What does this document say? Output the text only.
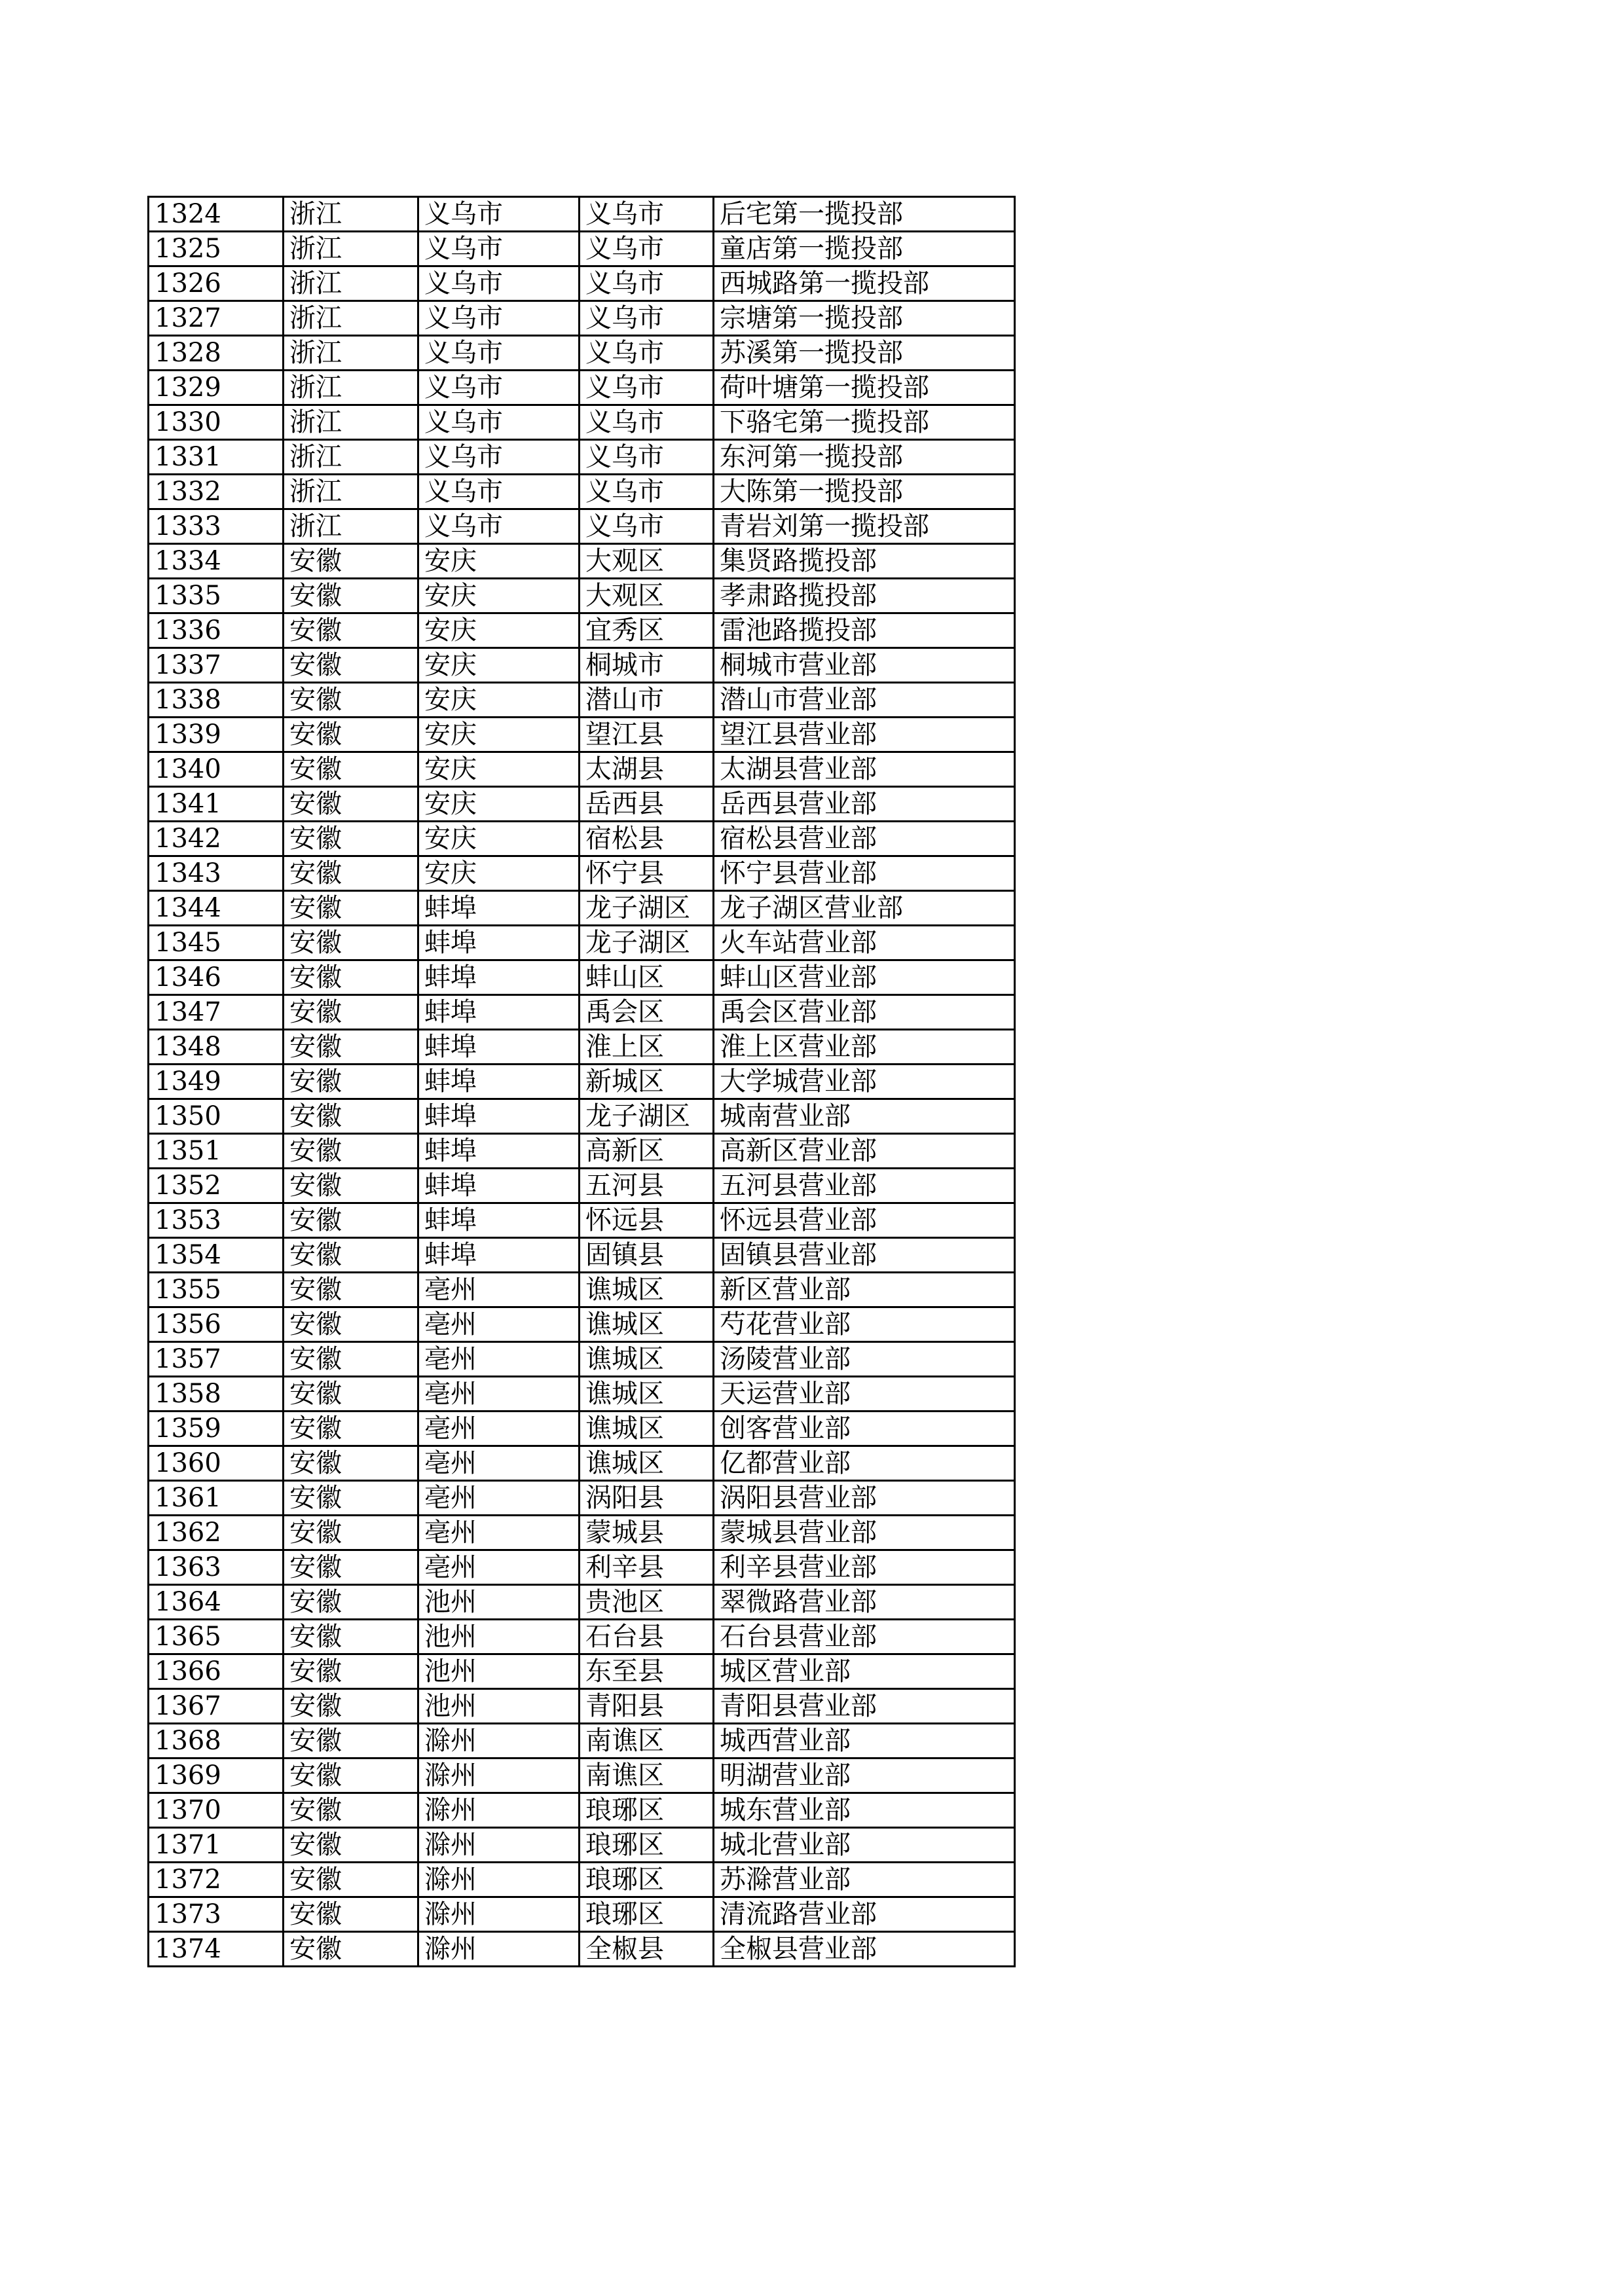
1324	浙江	义乌市	义乌市	后宅第一揽投部
1325	浙江	义乌市	义乌市	童店第一揽投部
1326	浙江	义乌市	义乌市	西城路第一揽投部
1327	浙江	义乌市	义乌市	宗塘第一揽投部
1328	浙江	义乌市	义乌市	苏溪第一揽投部
1329	浙江	义乌市	义乌市	荷叶塘第一揽投部
1330	浙江	义乌市	义乌市	下骆宅第一揽投部
1331	浙江	义乌市	义乌市	东河第一揽投部
1332	浙江	义乌市	义乌市	大陈第一揽投部
1333	浙江	义乌市	义乌市	青岩刘第一揽投部
1334	安徽	安庆	大观区	集贤路揽投部
1335	安徽	安庆	大观区	孝肃路揽投部
1336	安徽	安庆	宜秀区	雷池路揽投部
1337	安徽	安庆	桐城市	桐城市营业部
1338	安徽	安庆	潜山市	潜山市营业部
1339	安徽	安庆	望江县	望江县营业部
1340	安徽	安庆	太湖县	太湖县营业部
1341	安徽	安庆	岳西县	岳西县营业部
1342	安徽	安庆	宿松县	宿松县营业部
1343	安徽	安庆	怀宁县	怀宁县营业部
1344	安徽	蚌埠	龙子湖区	龙子湖区营业部
1345	安徽	蚌埠	龙子湖区	火车站营业部
1346	安徽	蚌埠	蚌山区	蚌山区营业部
1347	安徽	蚌埠	禹会区	禹会区营业部
1348	安徽	蚌埠	淮上区	淮上区营业部
1349	安徽	蚌埠	新城区	大学城营业部
1350	安徽	蚌埠	龙子湖区	城南营业部
1351	安徽	蚌埠	高新区	高新区营业部
1352	安徽	蚌埠	五河县	五河县营业部
1353	安徽	蚌埠	怀远县	怀远县营业部
1354	安徽	蚌埠	固镇县	固镇县营业部
1355	安徽	亳州	谯城区	新区营业部
1356	安徽	亳州	谯城区	芍花营业部
1357	安徽	亳州	谯城区	汤陵营业部
1358	安徽	亳州	谯城区	天运营业部
1359	安徽	亳州	谯城区	创客营业部
1360	安徽	亳州	谯城区	亿都营业部
1361	安徽	亳州	涡阳县	涡阳县营业部
1362	安徽	亳州	蒙城县	蒙城县营业部
1363	安徽	亳州	利辛县	利辛县营业部
1364	安徽	池州	贵池区	翠微路营业部
1365	安徽	池州	石台县	石台县营业部
1366	安徽	池州	东至县	城区营业部
1367	安徽	池州	青阳县	青阳县营业部
1368	安徽	滁州	南谯区	城西营业部
1369	安徽	滁州	南谯区	明湖营业部
1370	安徽	滁州	琅琊区	城东营业部
1371	安徽	滁州	琅琊区	城北营业部
1372	安徽	滁州	琅琊区	苏滁营业部
1373	安徽	滁州	琅琊区	清流路营业部
1374	安徽	滁州	全椒县	全椒县营业部
